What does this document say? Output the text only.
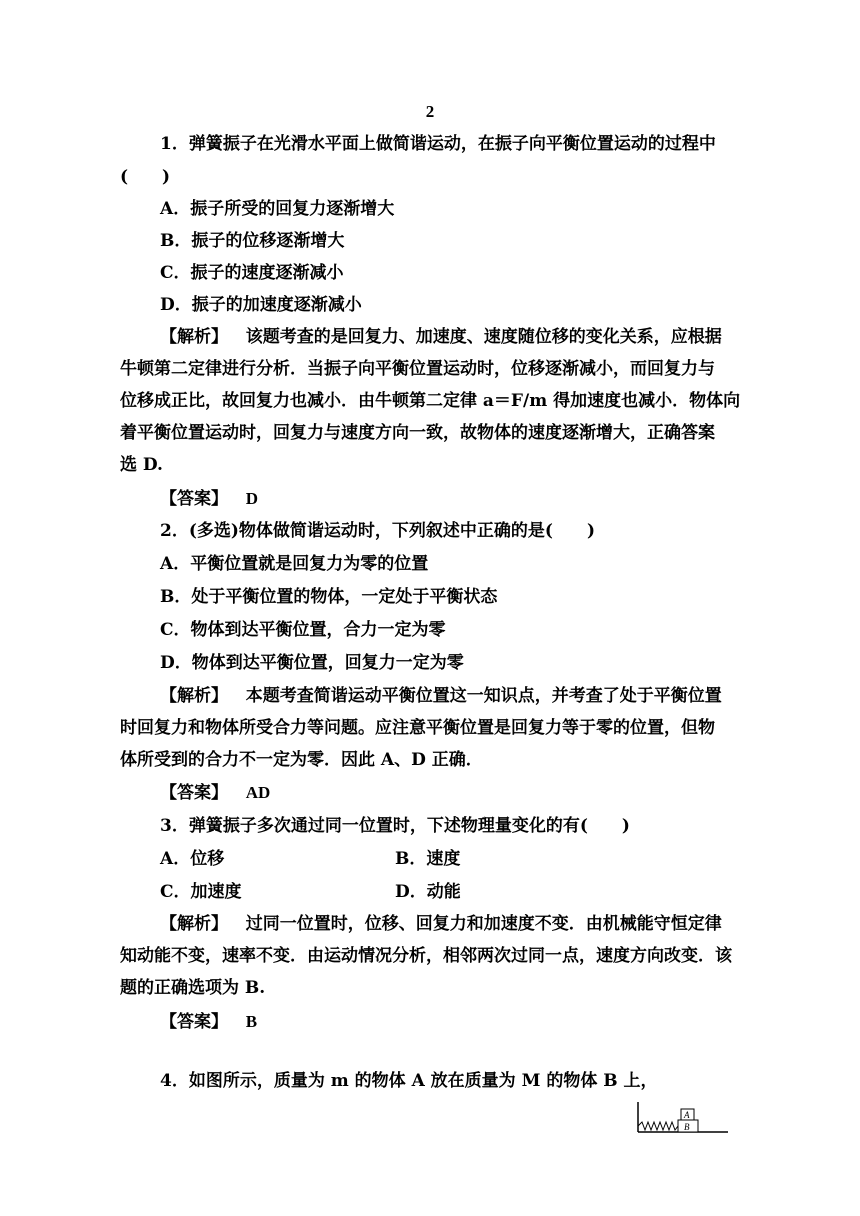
2
1．弹簧振子在光滑水平面上做简谐运动，在振子向平衡位置运动的过程中
(　　)
A．振子所受的回复力逐渐增大
B．振子的位移逐渐增大
C．振子的速度逐渐减小
D．振子的加速度逐渐减小
【解析】 该题考查的是回复力、加速度、速度随位移的变化关系，应根据
牛顿第二定律进行分析．当振子向平衡位置运动时，位移逐渐减小，而回复力与
位移成正比，故回复力也减小．由牛顿第二定律 a＝F/m 得加速度也减小．物体向
着平衡位置运动时，回复力与速度方向一致，故物体的速度逐渐增大，正确答案
选 D.
【答案】 D
2．(多选)物体做简谐运动时，下列叙述中正确的是(　　)
A．平衡位置就是回复力为零的位置
B．处于平衡位置的物体，一定处于平衡状态
C．物体到达平衡位置，合力一定为零
D．物体到达平衡位置，回复力一定为零
【解析】 本题考查简谐运动平衡位置这一知识点，并考查了处于平衡位置
时回复力和物体所受合力等问题。应注意平衡位置是回复力等于零的位置，但物
体所受到的合力不一定为零．因此 A、D 正确．
【答案】 AD
3．弹簧振子多次通过同一位置时，下述物理量变化的有(　　)
A．位移	B．速度
C．加速度	D．动能
【解析】 过同一位置时，位移、回复力和加速度不变．由机械能守恒定律
知动能不变，速率不变．由运动情况分析，相邻两次过同一点，速度方向改变．该
题的正确选项为 B.
【答案】 B
4．如图所示，质量为 m 的物体 A 放在质量为 M 的物体 B 上，
A
B
